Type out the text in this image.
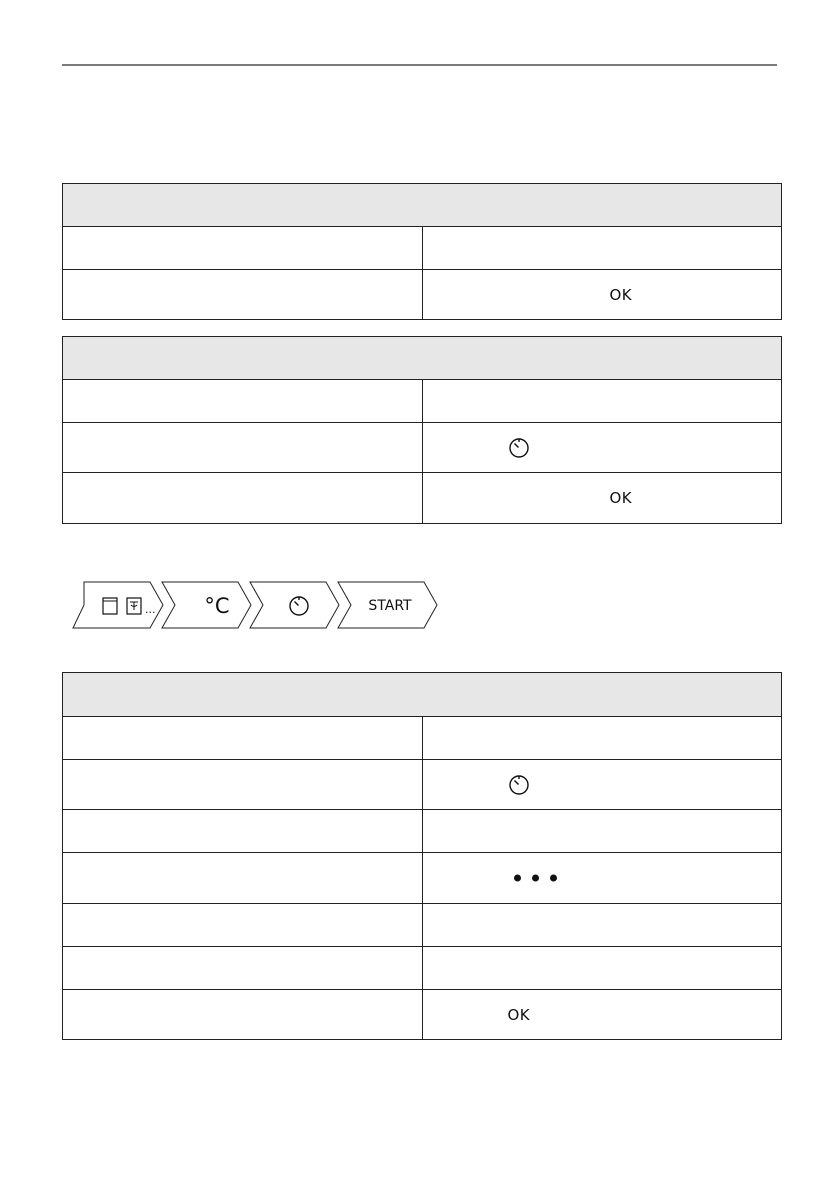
OK

OK
... °C	START

OK
